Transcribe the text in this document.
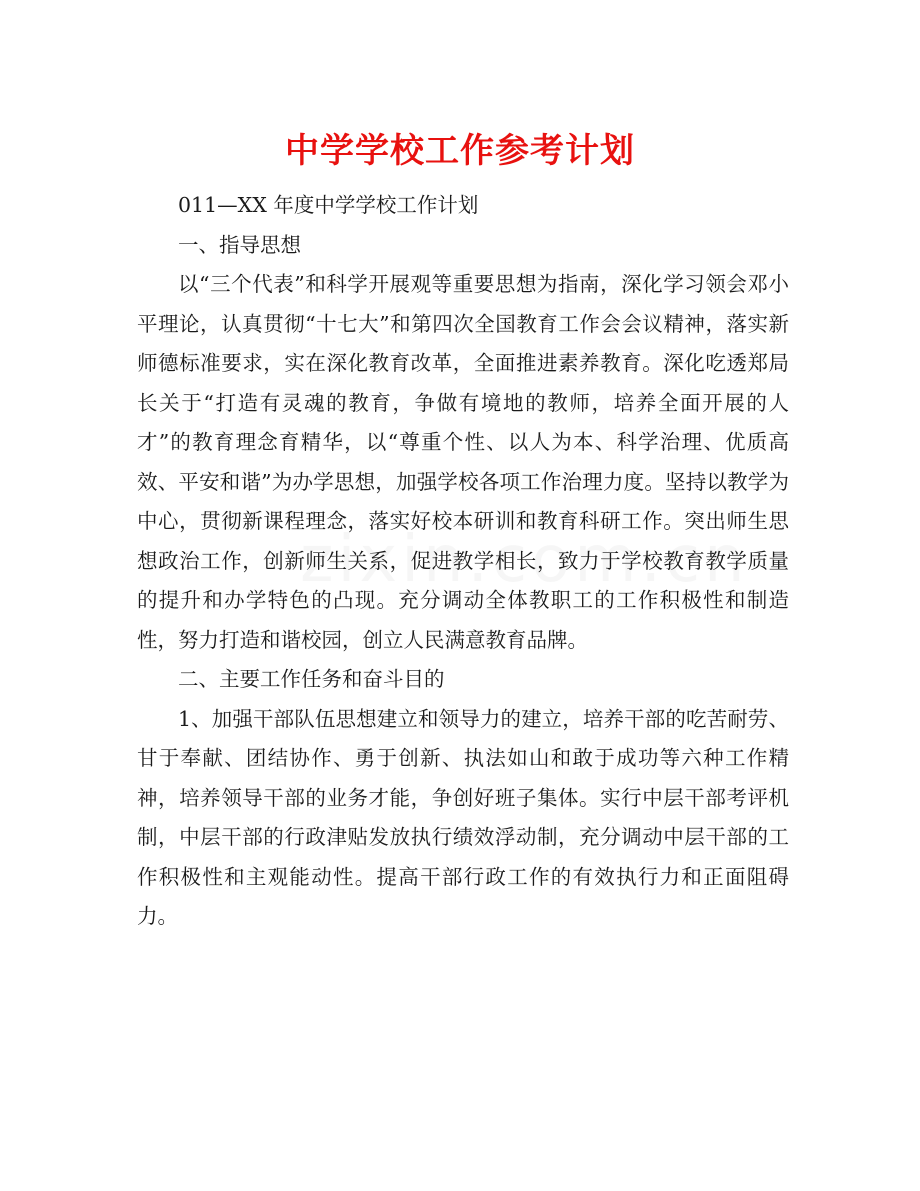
中学学校工作参考计划

011—XX 年度中学学校工作计划

一、指导思想

以“三个代表”和科学开展观等重要思想为指南，深化学习领会邓小平理论，认真贯彻“十七大”和第四次全国教育工作会会议精神，落实新师德标准要求，实在深化教育改革，全面推进素养教育。深化吃透郑局长关于“打造有灵魂的教育，争做有境地的教师，培养全面开展的人才”的教育理念育精华，以“尊重个性、以人为本、科学治理、优质高效、平安和谐”为办学思想，加强学校各项工作治理力度。坚持以教学为中心，贯彻新课程理念，落实好校本研训和教育科研工作。突出师生思想政治工作，创新师生关系，促进教学相长，致力于学校教育教学质量的提升和办学特色的凸现。充分调动全体教职工的工作积极性和制造性，努力打造和谐校园，创立人民满意教育品牌。

二、主要工作任务和奋斗目的

1、加强干部队伍思想建立和领导力的建立，培养干部的吃苦耐劳、甘于奉献、团结协作、勇于创新、执法如山和敢于成功等六种工作精神，培养领导干部的业务才能，争创好班子集体。实行中层干部考评机制，中层干部的行政津贴发放执行绩效浮动制，充分调动中层干部的工作积极性和主观能动性。提高干部行政工作的有效执行力和正面阻碍力。
